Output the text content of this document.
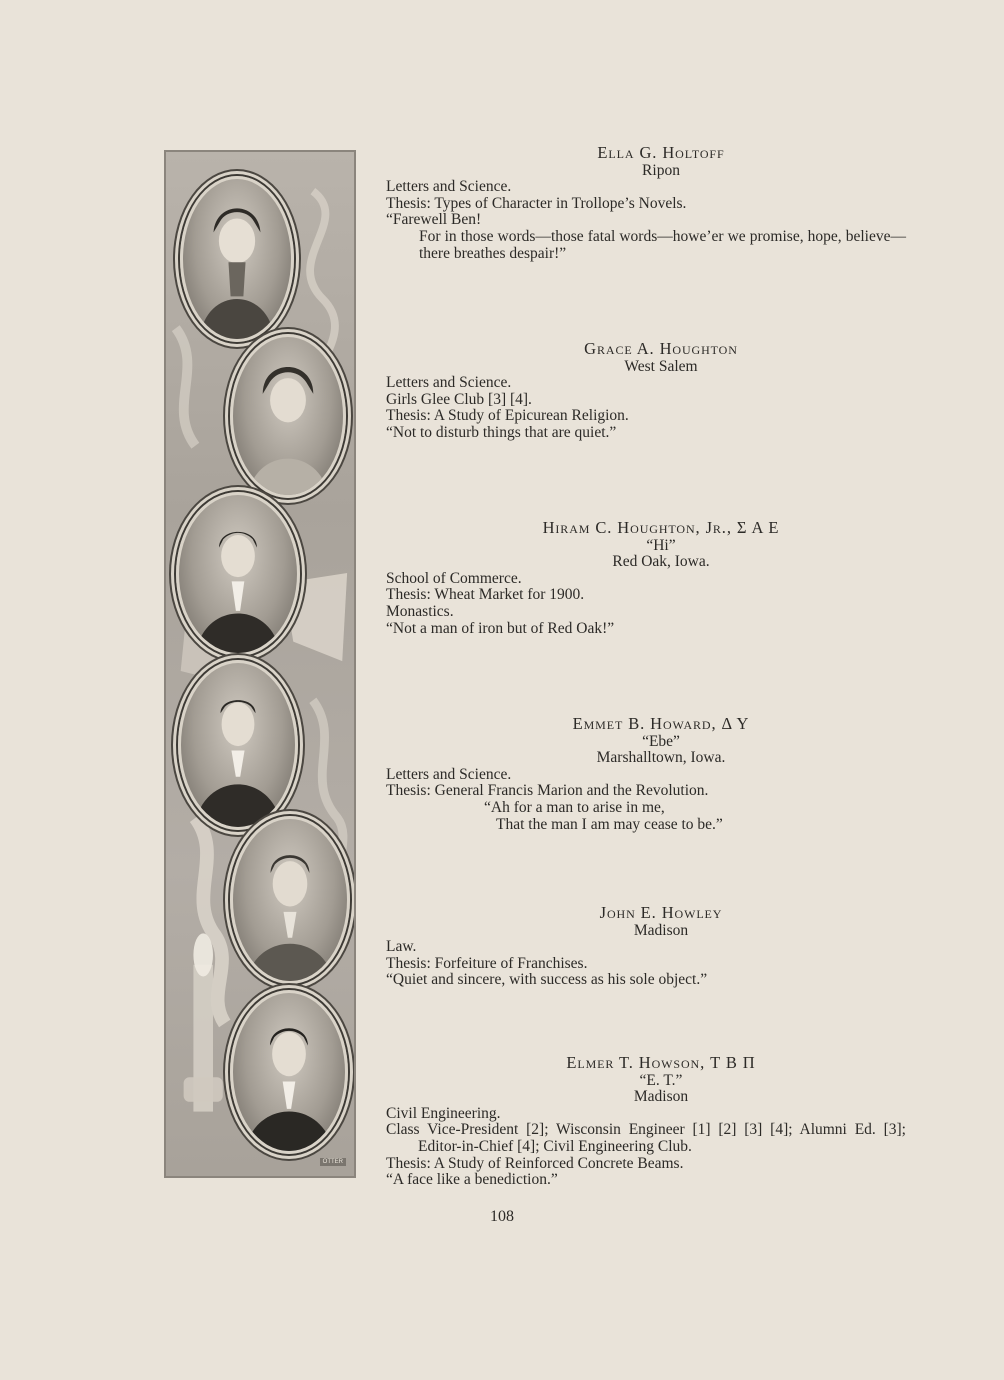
OTTER
Ella G. Holtoff
Ripon
Letters and Science.
Thesis: Types of Character in Trollope’s Novels.
“Farewell Ben!
For in those words—those fatal words—howe’er we promise, hope, believe—there breathes despair!”
Grace A. Houghton
West Salem
Letters and Science.
Girls Glee Club [3] [4].
Thesis: A Study of Epicurean Religion.
“Not to disturb things that are quiet.”
Hiram C. Houghton, Jr., Σ Α Ε
“Hi”
Red Oak, Iowa.
School of Commerce.
Thesis: Wheat Market for 1900.
Monastics.
“Not a man of iron but of Red Oak!”
Emmet B. Howard, Δ Υ
“Ebe”
Marshalltown, Iowa.
Letters and Science.
Thesis: General Francis Marion and the Revolution.
“Ah for a man to arise in me,
That the man I am may cease to be.”
John E. Howley
Madison
Law.
Thesis: Forfeiture of Franchises.
“Quiet and sincere, with success as his sole object.”
Elmer T. Howson, Τ Β Π
“E. T.”
Madison
Civil Engineering.
Class Vice-President [2]; Wisconsin Engineer [1] [2] [3] [4]; Alumni Ed. [3]; Editor-in-Chief [4]; Civil Engineering Club.
Thesis: A Study of Reinforced Concrete Beams.
“A face like a benediction.”
108
